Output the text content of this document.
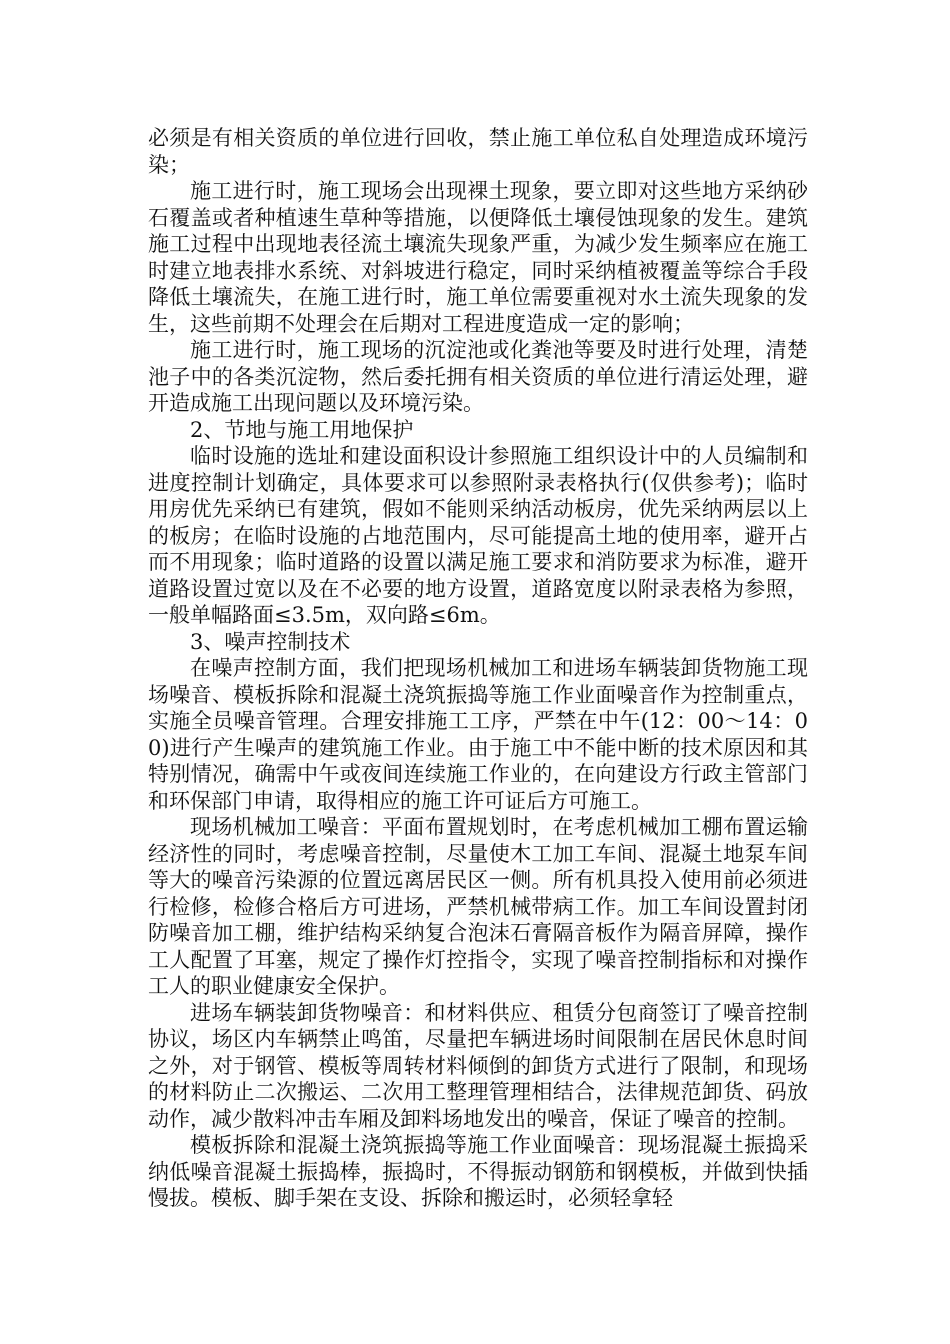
必须是有相关资质的单位进行回收，禁止施工单位私自处理造成环境污染；

施工进行时，施工现场会出现裸土现象，要立即对这些地方采纳砂石覆盖或者种植速生草种等措施，以便降低土壤侵蚀现象的发生。建筑施工过程中出现地表径流土壤流失现象严重，为减少发生频率应在施工时建立地表排水系统、对斜坡进行稳定，同时采纳植被覆盖等综合手段降低土壤流失，在施工进行时，施工单位需要重视对水土流失现象的发生，这些前期不处理会在后期对工程进度造成一定的影响；

施工进行时，施工现场的沉淀池或化粪池等要及时进行处理，清楚池子中的各类沉淀物，然后委托拥有相关资质的单位进行清运处理，避开造成施工出现问题以及环境污染。

2、节地与施工用地保护

临时设施的选址和建设面积设计参照施工组织设计中的人员编制和进度控制计划确定，具体要求可以参照附录表格执行(仅供参考)；临时用房优先采纳已有建筑，假如不能则采纳活动板房，优先采纳两层以上的板房；在临时设施的占地范围内，尽可能提高土地的使用率，避开占而不用现象；临时道路的设置以满足施工要求和消防要求为标准，避开道路设置过宽以及在不必要的地方设置，道路宽度以附录表格为参照，一般单幅路面≤3.5m，双向路≤6m。

3、噪声控制技术

在噪声控制方面，我们把现场机械加工和进场车辆装卸货物施工现场噪音、模板拆除和混凝土浇筑振捣等施工作业面噪音作为控制重点，实施全员噪音管理。合理安排施工工序，严禁在中午(12：00～14：00)进行产生噪声的建筑施工作业。由于施工中不能中断的技术原因和其特别情况，确需中午或夜间连续施工作业的，在向建设方行政主管部门和环保部门申请，取得相应的施工许可证后方可施工。

现场机械加工噪音：平面布置规划时，在考虑机械加工棚布置运输经济性的同时，考虑噪音控制，尽量使木工加工车间、混凝土地泵车间等大的噪音污染源的位置远离居民区一侧。所有机具投入使用前必须进行检修，检修合格后方可进场，严禁机械带病工作。加工车间设置封闭防噪音加工棚，维护结构采纳复合泡沫石膏隔音板作为隔音屏障，操作工人配置了耳塞，规定了操作灯控指令，实现了噪音控制指标和对操作工人的职业健康安全保护。

进场车辆装卸货物噪音：和材料供应、租赁分包商签订了噪音控制协议，场区内车辆禁止鸣笛，尽量把车辆进场时间限制在居民休息时间之外，对于钢管、模板等周转材料倾倒的卸货方式进行了限制，和现场的材料防止二次搬运、二次用工整理管理相结合，法律规范卸货、码放动作，减少散料冲击车厢及卸料场地发出的噪音，保证了噪音的控制。

模板拆除和混凝土浇筑振捣等施工作业面噪音：现场混凝土振捣采纳低噪音混凝土振捣棒，振捣时，不得振动钢筋和钢模板，并做到快插慢拔。模板、脚手架在支设、拆除和搬运时，必须轻拿轻
